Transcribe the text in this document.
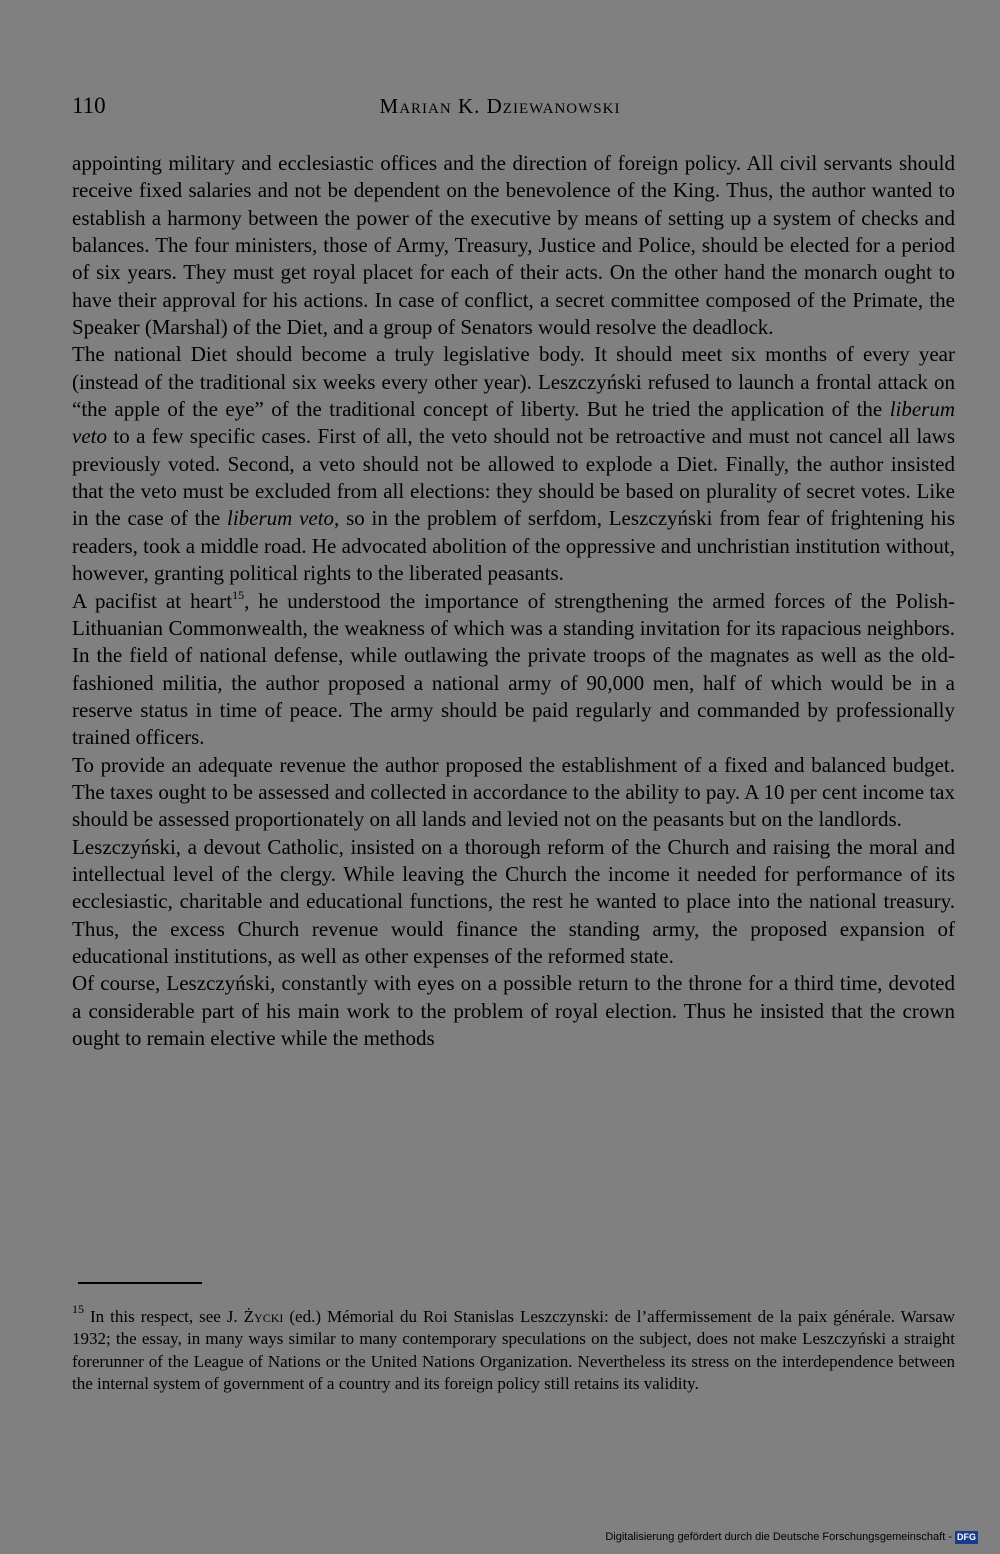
110	Marian K. Dziewanowski

appointing military and ecclesiastic offices and the direction of foreign policy. All civil servants should receive fixed salaries and not be dependent on the benevolence of the King. Thus, the author wanted to establish a harmony between the power of the executive by means of setting up a system of checks and balances. The four ministers, those of Army, Treasury, Justice and Police, should be elected for a period of six years. They must get royal placet for each of their acts. On the other hand the monarch ought to have their approval for his actions. In case of conflict, a secret committee composed of the Primate, the Speaker (Marshal) of the Diet, and a group of Senators would resolve the deadlock.

The national Diet should become a truly legislative body. It should meet six months of every year (instead of the traditional six weeks every other year). Leszczyński refused to launch a frontal attack on “the apple of the eye” of the traditional concept of liberty. But he tried the application of the liberum veto to a few specific cases. First of all, the veto should not be retroactive and must not cancel all laws previously voted. Second, a veto should not be allowed to explode a Diet. Finally, the author insisted that the veto must be excluded from all elections: they should be based on plurality of secret votes. Like in the case of the liberum veto, so in the problem of serfdom, Leszczyński from fear of frightening his readers, took a middle road. He advocated abolition of the oppressive and unchristian institution without, however, granting political rights to the liberated peasants.

A pacifist at heart$^{15}$, he understood the importance of strengthening the armed forces of the Polish-Lithuanian Commonwealth, the weakness of which was a standing invitation for its rapacious neighbors. In the field of national defense, while outlawing the private troops of the magnates as well as the old-fashioned militia, the author proposed a national army of 90,000 men, half of which would be in a reserve status in time of peace. The army should be paid regularly and commanded by professionally trained officers.

To provide an adequate revenue the author proposed the establishment of a fixed and balanced budget. The taxes ought to be assessed and collected in accordance to the ability to pay. A 10 per cent income tax should be assessed proportionately on all lands and levied not on the peasants but on the landlords.

Leszczyński, a devout Catholic, insisted on a thorough reform of the Church and raising the moral and intellectual level of the clergy. While leaving the Church the income it needed for performance of its ecclesiastic, charitable and educational functions, the rest he wanted to place into the national treasury. Thus, the excess Church revenue would finance the standing army, the proposed expansion of educational institutions, as well as other expenses of the reformed state.

Of course, Leszczyński, constantly with eyes on a possible return to the throne for a third time, devoted a considerable part of his main work to the problem of royal election. Thus he insisted that the crown ought to remain elective while the methods

$^{15}$ In this respect, see J. Życki (ed.) Mémorial du Roi Stanislas Leszczynski: de l’affermissement de la paix générale. Warsaw 1932; the essay, in many ways similar to many contemporary speculations on the subject, does not make Leszczyński a straight forerunner of the League of Nations or the United Nations Organization. Nevertheless its stress on the interdependence between the internal system of government of a country and its foreign policy still retains its validity.

Digitalisierung gefördert durch die Deutsche Forschungsgemeinschaft - DFG
